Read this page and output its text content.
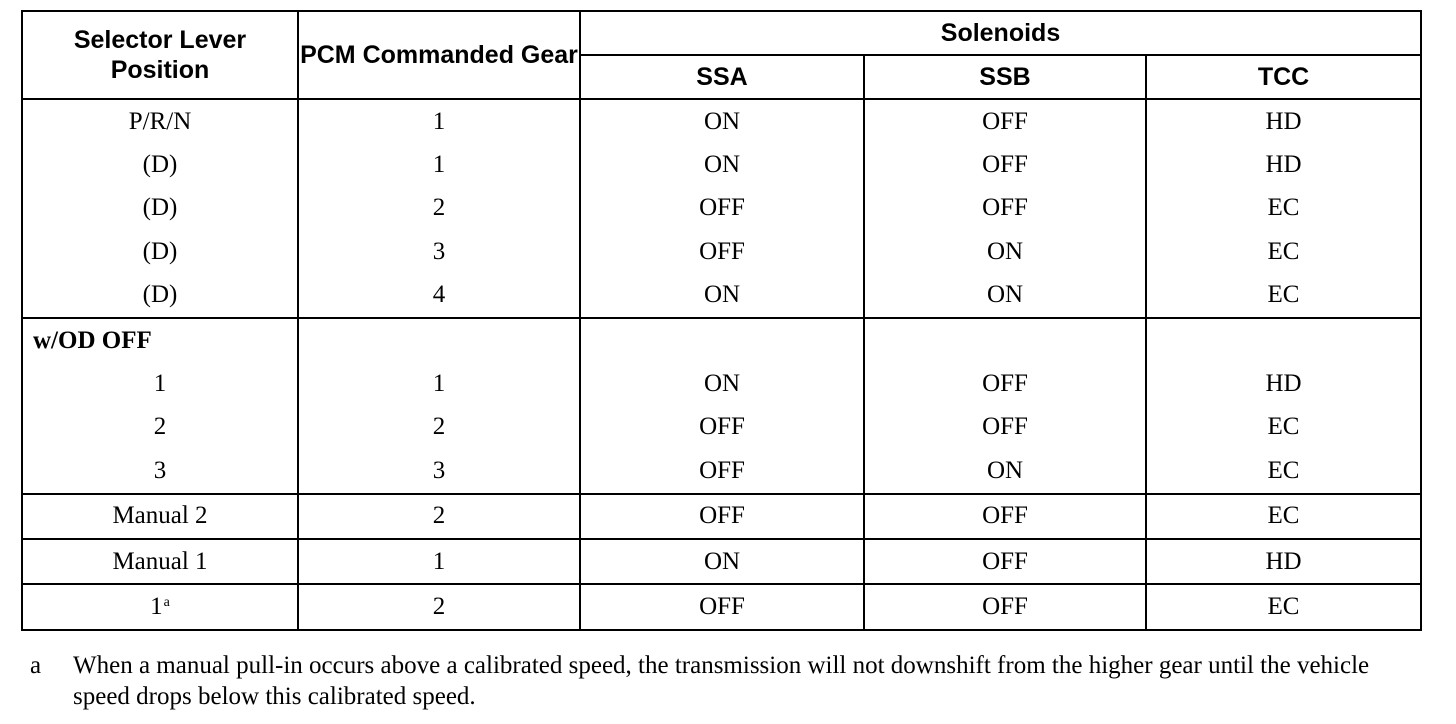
Selector Lever Position	PCM Commanded Gear	Solenoids		
		SSA	SSB	TCC
P/R/N	1	ON	OFF	HD
(D)	1	ON	OFF	HD
(D)	2	OFF	OFF	EC
(D)	3	OFF	ON	EC
(D)	4	ON	ON	EC
w/OD OFF				
1	1	ON	OFF	HD
2	2	OFF	OFF	EC
3	3	OFF	ON	EC
Manual 2	2	OFF	OFF	EC
Manual 1	1	ON	OFF	HD
1$^a$	2	OFF	OFF	EC
a When a manual pull-in occurs above a calibrated speed, the transmission will not downshift from the higher gear until the vehicle speed drops below this calibrated speed.
